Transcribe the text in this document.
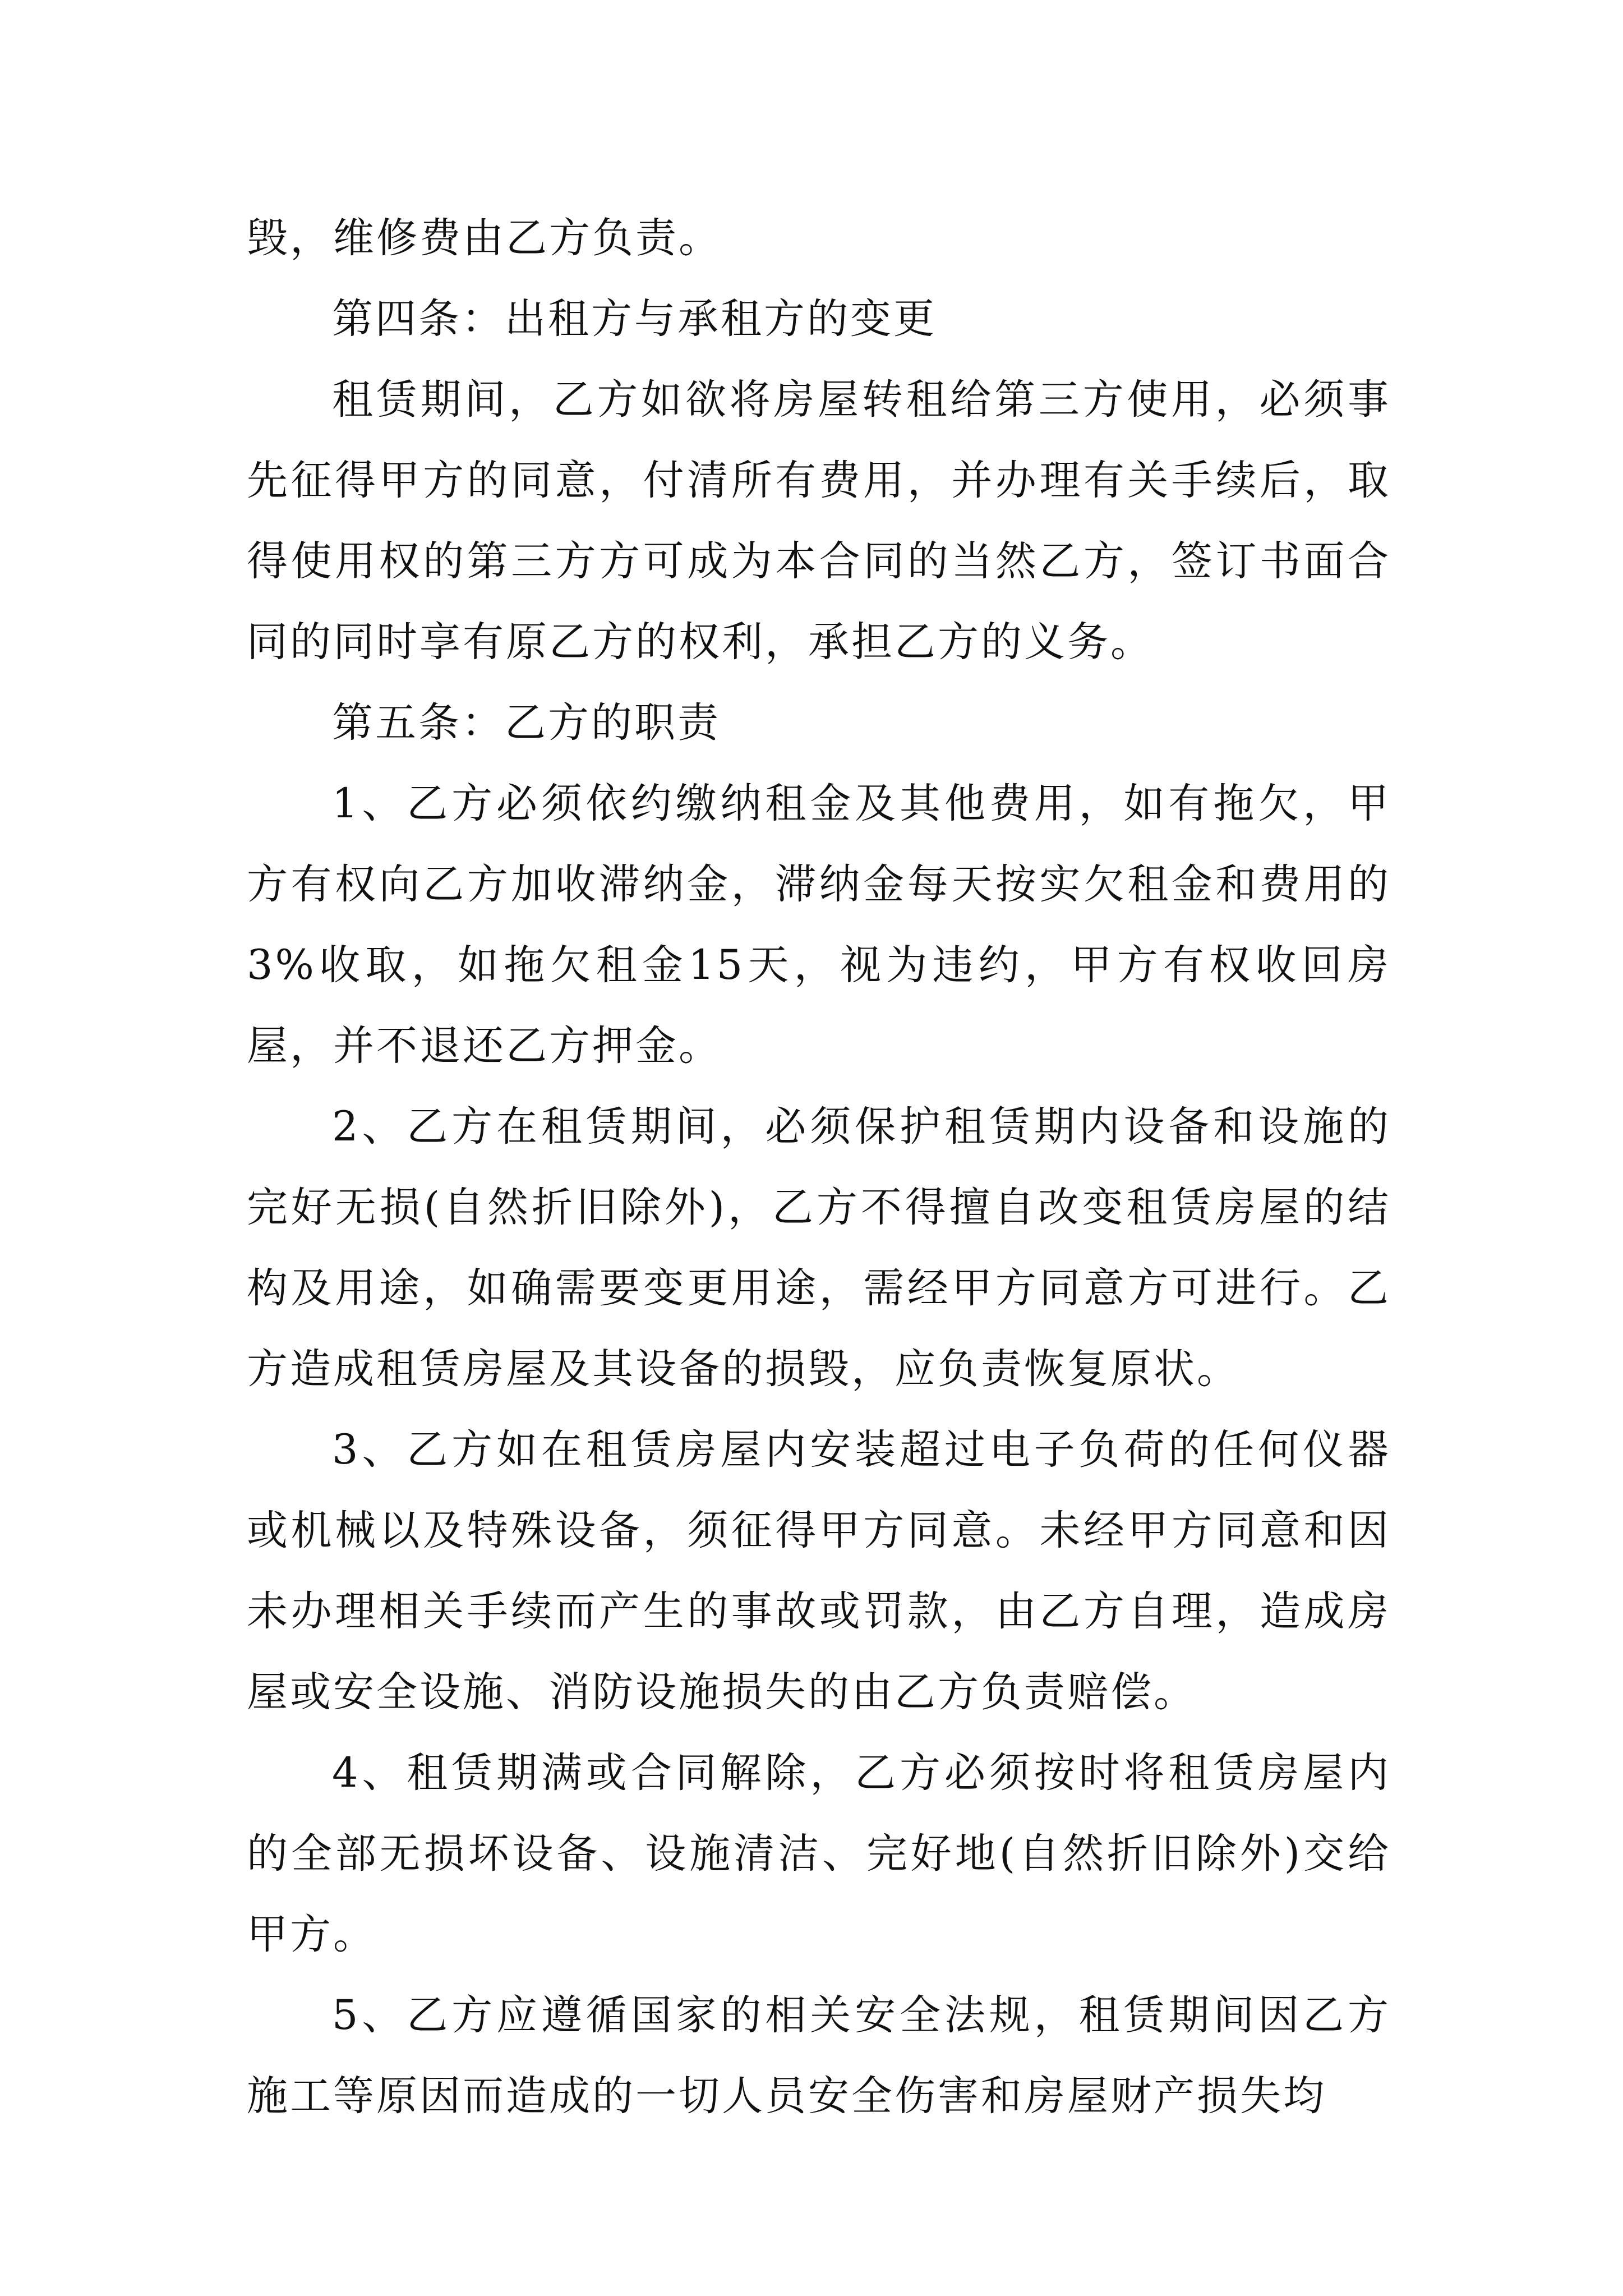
毁，维修费由乙方负责。

第四条：出租方与承租方的变更

租赁期间，乙方如欲将房屋转租给第三方使用，必须事先征得甲方的同意，付清所有费用，并办理有关手续后，取得使用权的第三方方可成为本合同的当然乙方，签订书面合同的同时享有原乙方的权利，承担乙方的义务。

第五条：乙方的职责

1、乙方必须依约缴纳租金及其他费用，如有拖欠，甲方有权向乙方加收滞纳金，滞纳金每天按实欠租金和费用的3%收取，如拖欠租金15天，视为违约，甲方有权收回房屋，并不退还乙方押金。

2、乙方在租赁期间，必须保护租赁期内设备和设施的完好无损(自然折旧除外)，乙方不得擅自改变租赁房屋的结构及用途，如确需要变更用途，需经甲方同意方可进行。乙方造成租赁房屋及其设备的损毁，应负责恢复原状。

3、乙方如在租赁房屋内安装超过电子负荷的任何仪器或机械以及特殊设备，须征得甲方同意。未经甲方同意和因未办理相关手续而产生的事故或罚款，由乙方自理，造成房屋或安全设施、消防设施损失的由乙方负责赔偿。

4、租赁期满或合同解除，乙方必须按时将租赁房屋内的全部无损坏设备、设施清洁、完好地(自然折旧除外)交给甲方。

5、乙方应遵循国家的相关安全法规，租赁期间因乙方施工等原因而造成的一切人员安全伤害和房屋财产损失均
